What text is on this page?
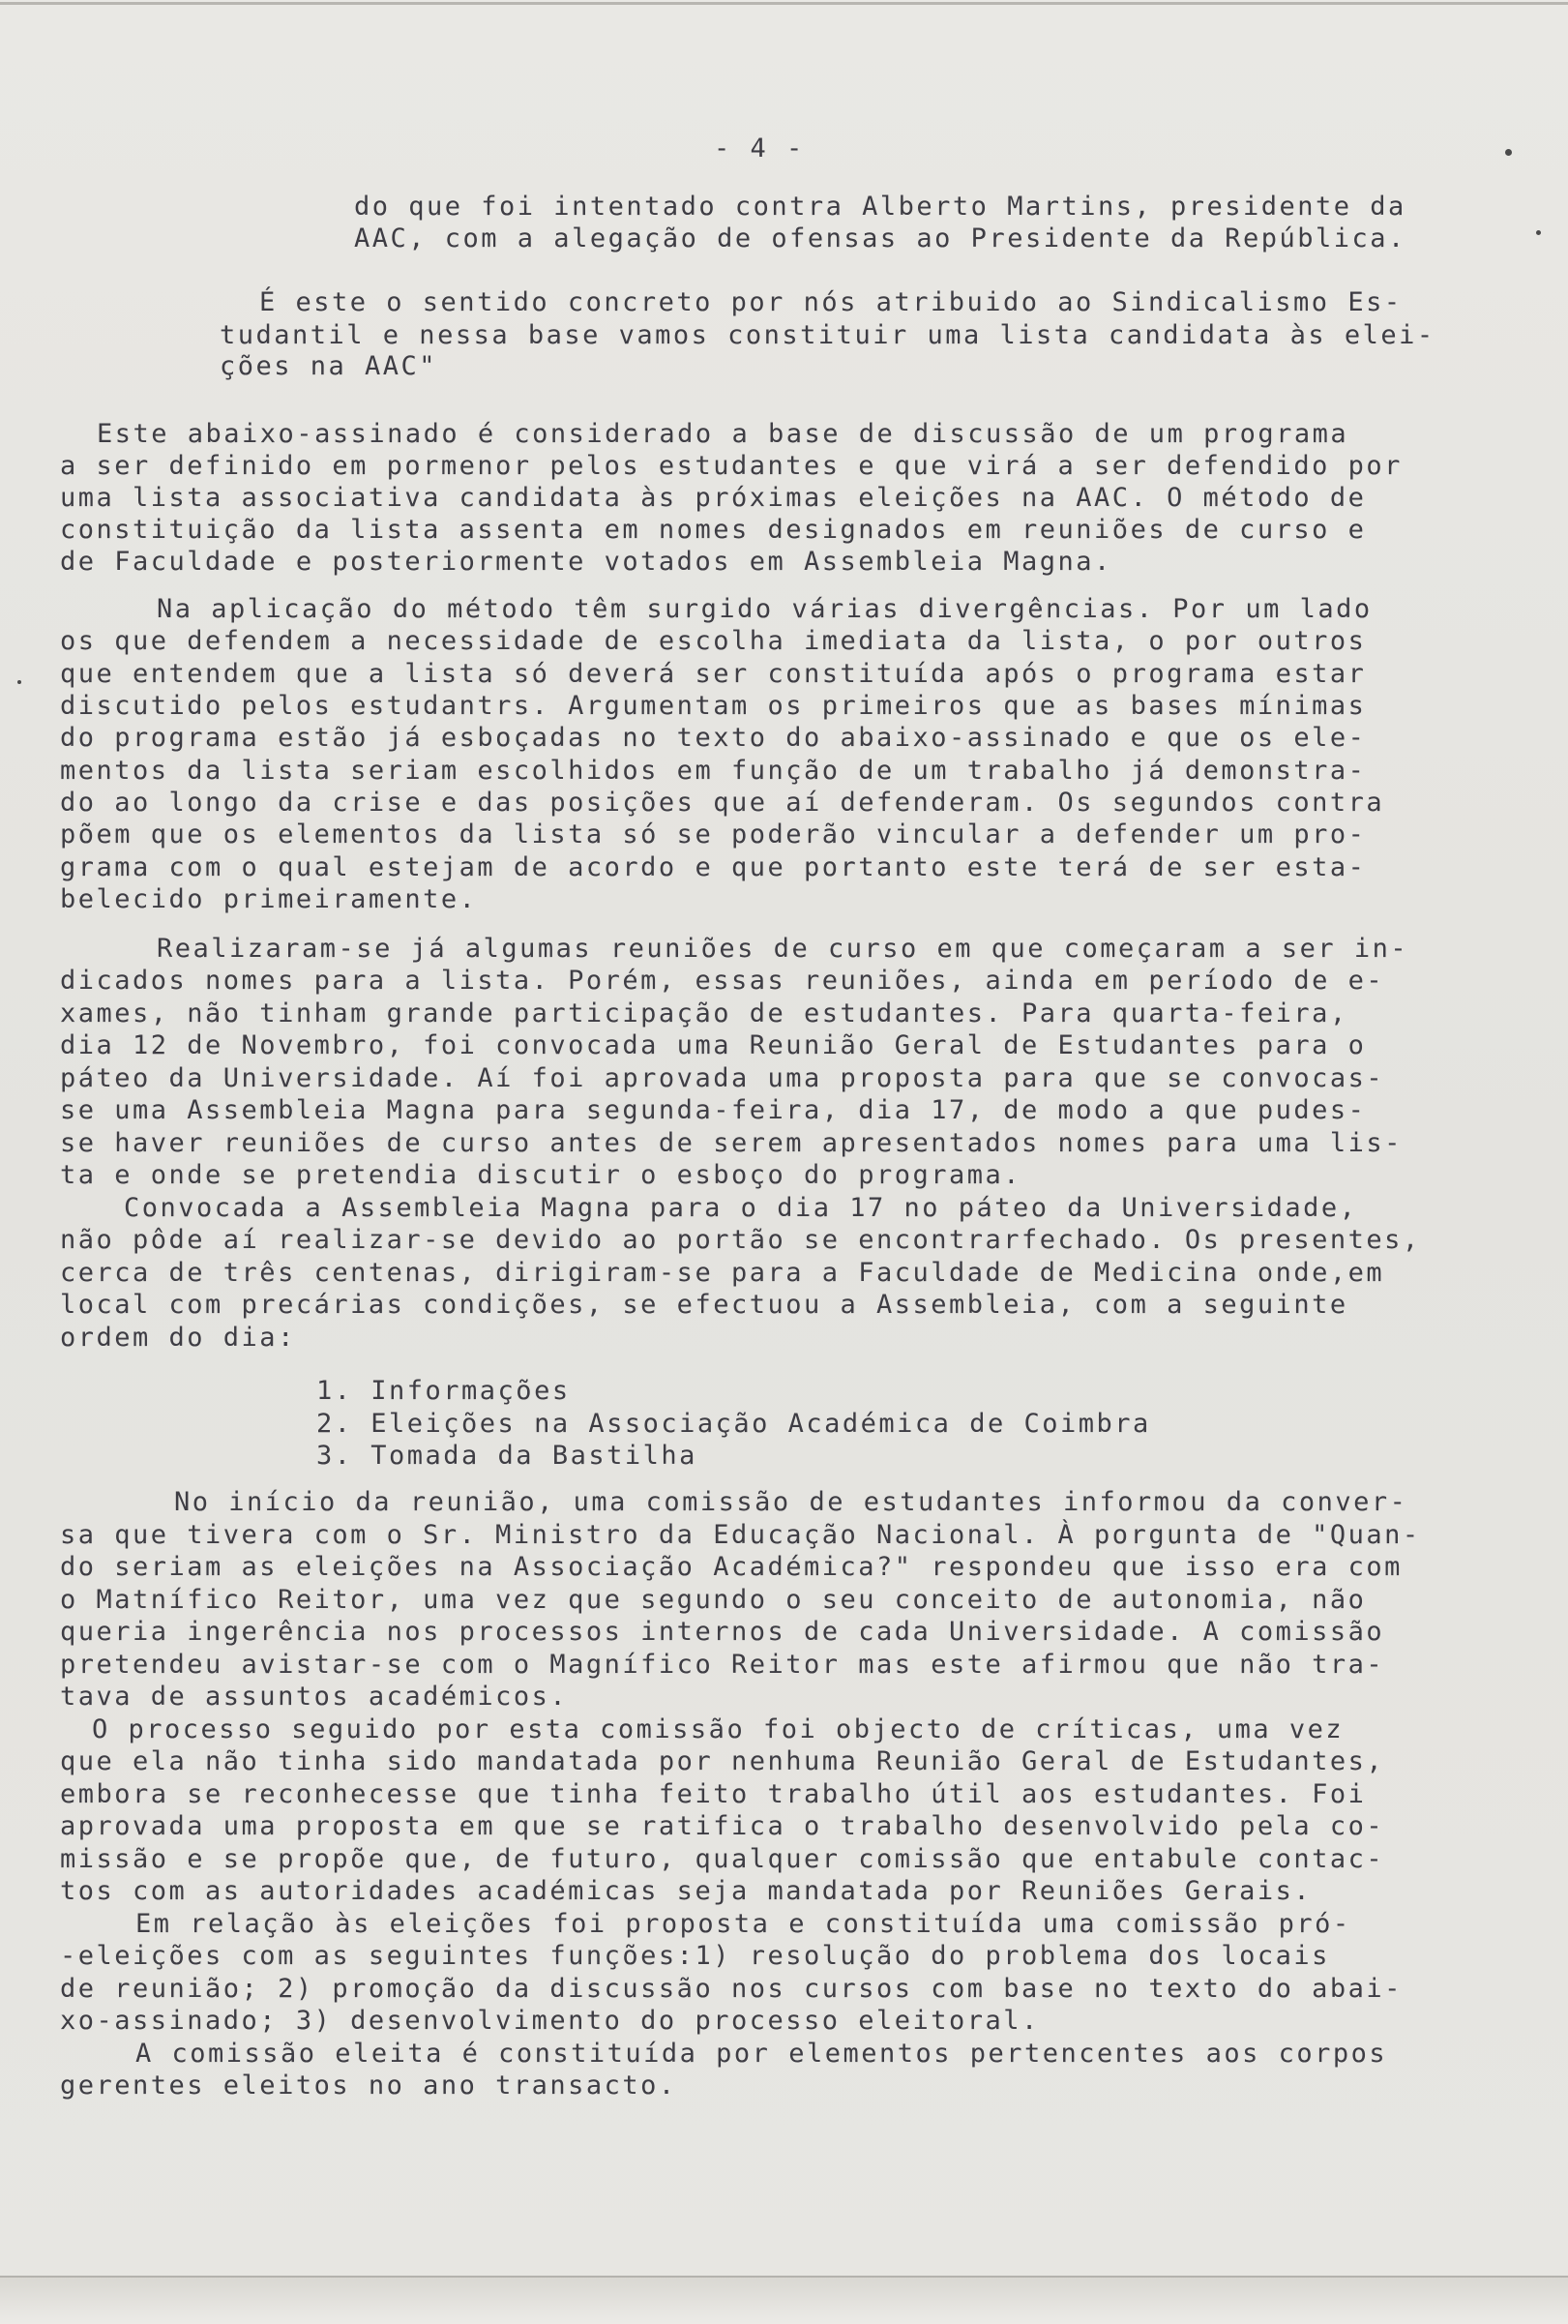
- 4 -

do que foi intentado contra Alberto Martins, presidente da

AAC, com a alegação de ofensas ao Presidente da República.

É este o sentido concreto por nós atribuido ao Sindicalismo Es-

tudantil e nessa base vamos constituir uma lista candidata às elei-

ções na AAC"

Este abaixo-assinado é considerado a base de discussão de um programa

a ser definido em pormenor pelos estudantes e que virá a ser defendido por

uma lista associativa candidata às próximas eleições na AAC. O método de

constituição da lista assenta em nomes designados em reuniões de curso e

de Faculdade e posteriormente votados em Assembleia Magna.

Na aplicação do método têm surgido várias divergências. Por um lado

os que defendem a necessidade de escolha imediata da lista, o por outros

que entendem que a lista só deverá ser constituída após o programa estar

discutido pelos estudantrs. Argumentam os primeiros que as bases mínimas

do programa estão já esboçadas no texto do abaixo-assinado e que os ele-

mentos da lista seriam escolhidos em função de um trabalho já demonstra-

do ao longo da crise e das posições que aí defenderam. Os segundos contra

põem que os elementos da lista só se poderão vincular a defender um pro-

grama com o qual estejam de acordo e que portanto este terá de ser esta-

belecido primeiramente.

Realizaram-se já algumas reuniões de curso em que começaram a ser in-

dicados nomes para a lista. Porém, essas reuniões, ainda em período de e-

xames, não tinham grande participação de estudantes. Para quarta-feira,

dia 12 de Novembro, foi convocada uma Reunião Geral de Estudantes para o

páteo da Universidade. Aí foi aprovada uma proposta para que se convocas-

se uma Assembleia Magna para segunda-feira, dia 17, de modo a que pudes-

se haver reuniões de curso antes de serem apresentados nomes para uma lis-

ta e onde se pretendia discutir o esboço do programa.

Convocada a Assembleia Magna para o dia 17 no páteo da Universidade,

não pôde aí realizar-se devido ao portão se encontrarfechado. Os presentes,

cerca de três centenas, dirigiram-se para a Faculdade de Medicina onde,em

local com precárias condições, se efectuou a Assembleia, com a seguinte

ordem do dia:

1. Informações

2. Eleições na Associação Académica de Coimbra

3. Tomada da Bastilha

No início da reunião, uma comissão de estudantes informou da conver-

sa que tivera com o Sr. Ministro da Educação Nacional. À porgunta de "Quan-

do seriam as eleições na Associação Académica?" respondeu que isso era com

o Matnífico Reitor, uma vez que segundo o seu conceito de autonomia, não

queria ingerência nos processos internos de cada Universidade. A comissão

pretendeu avistar-se com o Magnífico Reitor mas este afirmou que não tra-

tava de assuntos académicos.

O processo seguido por esta comissão foi objecto de críticas, uma vez

que ela não tinha sido mandatada por nenhuma Reunião Geral de Estudantes,

embora se reconhecesse que tinha feito trabalho útil aos estudantes. Foi

aprovada uma proposta em que se ratifica o trabalho desenvolvido pela co-

missão e se propõe que, de futuro, qualquer comissão que entabule contac-

tos com as autoridades académicas seja mandatada por Reuniões Gerais.

Em relação às eleições foi proposta e constituída uma comissão pró-

-eleições com as seguintes funções:1) resolução do problema dos locais

de reunião; 2) promoção da discussão nos cursos com base no texto do abai-

xo-assinado; 3) desenvolvimento do processo eleitoral.

A comissão eleita é constituída por elementos pertencentes aos corpos

gerentes eleitos no ano transacto.
